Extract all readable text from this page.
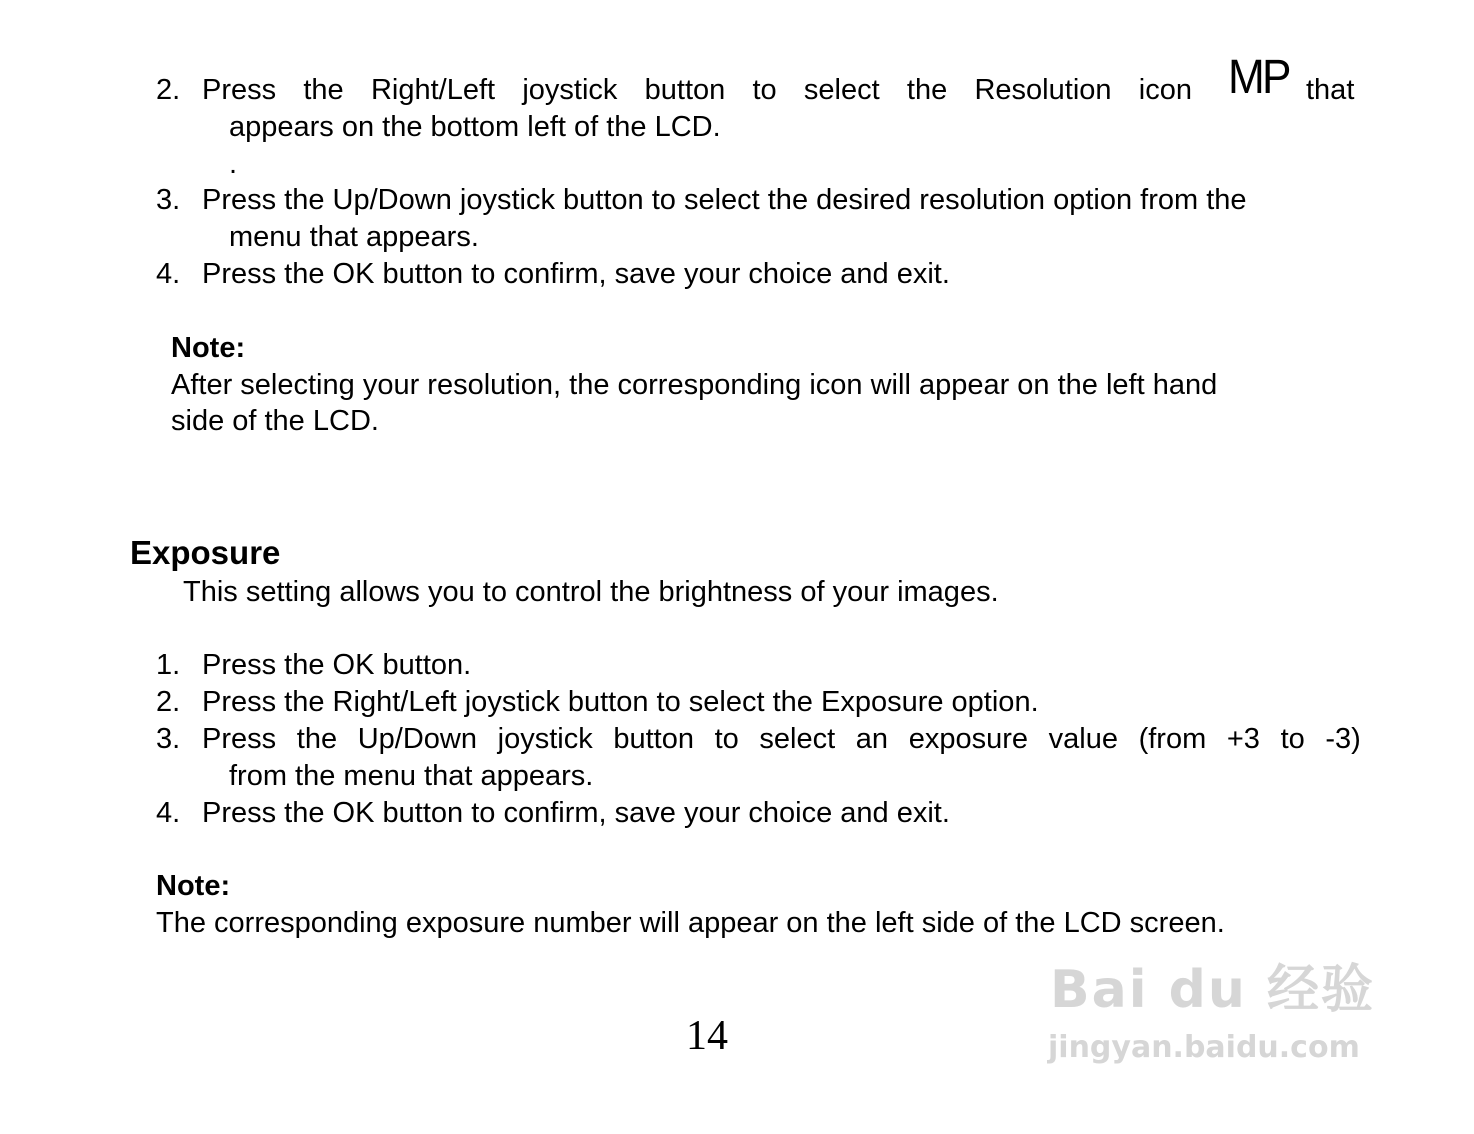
2. Press the Right/Left joystick button to select the Resolution icon MP that
appears on the bottom left of the LCD.
.
3. Press the Up/Down joystick button to select the desired resolution option from the
menu that appears.
4. Press the OK button to confirm, save your choice and exit.
Note:
After selecting your resolution, the corresponding icon will appear on the left hand
side of the LCD.
Exposure
This setting allows you to control the brightness of your images.
1. Press the OK button.
2. Press the Right/Left joystick button to select the Exposure option.
3. Press the Up/Down joystick button to select an exposure value (from +3 to -3)
from the menu that appears.
4. Press the OK button to confirm, save your choice and exit.
Note:
The corresponding exposure number will appear on the left side of the LCD screen.
14
Bai du 经验
jingyan.baidu.com
